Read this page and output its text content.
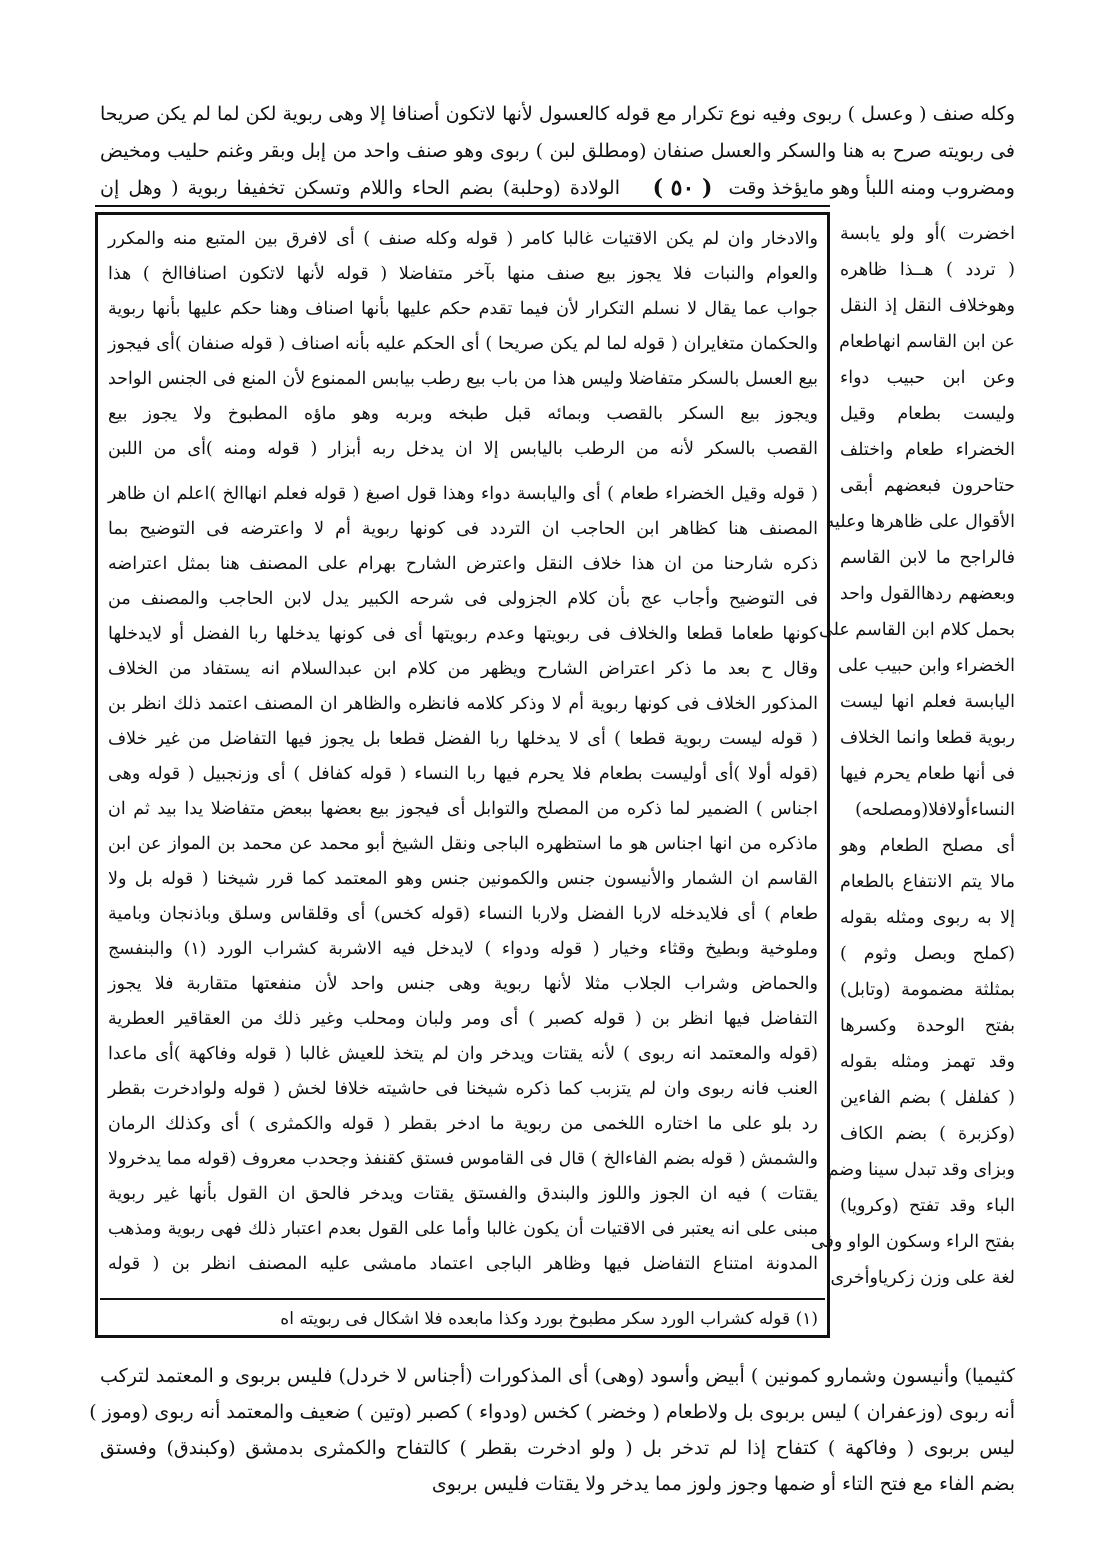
وكله صنف ( وعسل ) ربوى وفيه نوع تكرار مع قوله كالعسول لأنها لاتكون أصنافا إلا وهى ربوية لكن لما لم يكن صريحا
فى ربويته صرح به هنا والسكر والعسل صنفان (ومطلق لبن ) ربوى وهو صنف واحد من إبل وبقر وغنم حليب ومخيض
ومضروب ومنه اللبأ وهو مايؤخذ وقت
( ٥٠ )
الولادة (وحلبة) بضم الحاء واللام وتسكن تخفيفا ربوية ( وهل إن
اخضرت )أو ولو يابسة
( تردد ) هــذا ظاهره
وهوخلاف النقل إذ النقل
عن ابن القاسم انهاطعام
وعن ابن حبيب دواء
وليست بطعام وقيل
الخضراء طعام واختلف
حتاحرون فبعضهم أبقى
الأقوال على ظاهرها وعليه
فالراجح ما لابن القاسم
وبعضهم ردهاالقول واحد
بحمل كلام ابن القاسم على
الخضراء وابن حبيب على
اليابسة فعلم انها ليست
ربوية قطعا وانما الخلاف
فى أنها طعام يحرم فيها
النساءأولافلا(ومصلحه)
أى مصلح الطعام وهو
مالا يتم الانتفاع بالطعام
إلا به ربوى ومثله بقوله
(كملح وبصل وثوم )
بمثلثة مضمومة (وتابل)
بفتح الوحدة وكسرها
وقد تهمز ومثله بقوله
( كفلفل ) بضم الفاءين
(وكزبرة ) بضم الكاف
وبزاى وقد تبدل سينا وضم
الباء وقد تفتح (وكرويا)
بفتح الراء وسكون الواو وفى
لغة على وزن زكرياوأخرى
والادخار وان لم يكن الاقتيات غالبا كامر ( قوله وكله صنف ) أى لافرق بين المتبع منه والمكرر
والعوام والنبات فلا يجوز بيع صنف منها بآخر متفاضلا ( قوله لأنها لاتكون اصنافاالخ ) هذا
جواب عما يقال لا نسلم التكرار لأن فيما تقدم حكم عليها بأنها اصناف وهنا حكم عليها بأنها ربوية
والحكمان متغايران ( قوله لما لم يكن صريحا ) أى الحكم عليه بأنه اصناف ( قوله صنفان )أى فيجوز
بيع العسل بالسكر متفاضلا وليس هذا من باب بيع رطب بيابس الممنوع لأن المنع فى الجنس الواحد
ويجوز بيع السكر بالقصب وبمائه قبل طبخه وبربه وهو ماؤه المطبوخ ولا يجوز بيع
القصب بالسكر لأنه من الرطب باليابس إلا ان يدخل ربه أبزار ( قوله ومنه )أى من اللبن
( قوله وقيل الخضراء طعام ) أى واليابسة دواء وهذا قول اصبغ ( قوله فعلم انهاالخ )اعلم ان ظاهر
المصنف هنا كظاهر ابن الحاجب ان التردد فى كونها ربوية أم لا واعترضه فى التوضيح بما
ذكره شارحنا من ان هذا خلاف النقل واعترض الشارح بهرام على المصنف هنا بمثل اعتراضه
فى التوضيح وأجاب عج بأن كلام الجزولى فى شرحه الكبير يدل لابن الحاجب والمصنف من
كونها طعاما قطعا والخلاف فى ربويتها وعدم ربويتها أى فى كونها يدخلها ربا الفضل أو لايدخلها
وقال ح بعد ما ذكر اعتراض الشارح ويظهر من كلام ابن عبدالسلام انه يستفاد من الخلاف
المذكور الخلاف فى كونها ربوية أم لا وذكر كلامه فانظره والظاهر ان المصنف اعتمد ذلك انظر بن
( قوله ليست ربوية قطعا ) أى لا يدخلها ربا الفضل قطعا بل يجوز فيها التفاضل من غير خلاف
(قوله أولا )أى أوليست بطعام فلا يحرم فيها ربا النساء ( قوله كفافل ) أى وزنجبيل ( قوله وهى
اجناس ) الضمير لما ذكره من المصلح والتوابل أى فيجوز بيع بعضها ببعض متفاضلا يدا بيد ثم ان
ماذكره من انها اجناس هو ما استظهره الباجى ونقل الشيخ أبو محمد عن محمد بن المواز عن ابن
القاسم ان الشمار والأنيسون جنس والكمونين جنس وهو المعتمد كما قرر شيخنا ( قوله بل ولا
طعام ) أى فلايدخله لاربا الفضل ولاربا النساء (قوله كخس) أى وقلقاس وسلق وباذنجان وبامية
وملوخية وبطيخ وقثاء وخيار ( قوله ودواء ) لايدخل فيه الاشربة كشراب الورد (١) والبنفسج
والحماض وشراب الجلاب مثلا لأنها ربوية وهى جنس واحد لأن منفعتها متقاربة فلا يجوز
التفاضل فيها انظر بن ( قوله كصبر ) أى ومر ولبان ومحلب وغير ذلك من العقاقير العطرية
(قوله والمعتمد انه ربوى ) لأنه يقتات ويدخر وان لم يتخذ للعيش غالبا ( قوله وفاكهة )أى ماعدا
العنب فانه ربوى وان لم يتزبب كما ذكره شيخنا فى حاشيته خلافا لخش ( قوله ولوادخرت بقطر
رد بلو على ما اختاره اللخمى من ربوية ما ادخر بقطر ( قوله والكمثرى ) أى وكذلك الرمان
والشمش ( قوله بضم الفاءالخ ) قال فى القاموس فستق كقنفذ وجحدب معروف (قوله مما يدخرولا
يقتات ) فيه ان الجوز واللوز والبندق والفستق يقتات ويدخر فالحق ان القول بأنها غير ربوية
مبنى على انه يعتبر فى الاقتيات أن يكون غالبا وأما على القول بعدم اعتبار ذلك فهى ربوية ومذهب
المدونة امتناع التفاضل فيها وظاهر الباجى اعتماد مامشى عليه المصنف انظر بن ( قوله
(١) قوله كشراب الورد سكر مطبوخ بورد وكذا مابعده فلا اشكال فى ربويته اه
كثيميا) وأنيسون وشمارو كمونين ) أبيض وأسود (وهى) أى المذكورات (أجناس لا خردل) فليس بربوى و المعتمد لتركب
أنه ربوى (وزعفران ) ليس بربوى بل ولاطعام ( وخضر ) كخس (ودواء ) كصبر (وتين ) ضعيف والمعتمد أنه ربوى (وموز )
ليس بربوى ( وفاكهة ) كتفاح إذا لم تدخر بل ( ولو ادخرت بقطر ) كالتفاح والكمثرى بدمشق (وكبندق) وفستق
بضم الفاء مع فتح التاء أو ضمها وجوز ولوز مما يدخر ولا يقتات فليس بربوى
